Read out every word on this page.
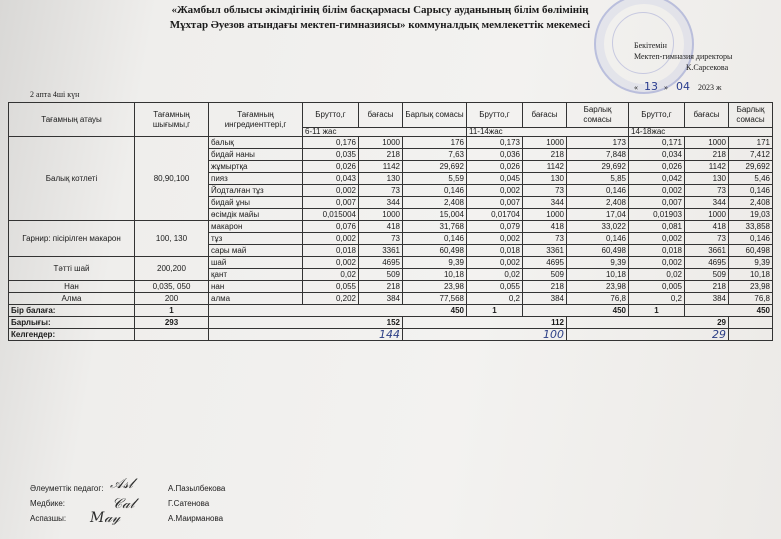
«Жамбыл облысы әкімдігінің білім басқармасы Сарысу ауданының білім бөлімінің
Мұхтар Әуезов атындағы мектеп-гимназиясы» коммуналдық мемлекеттік мекемесі
Бекітемін
Мектеп-гимназия директоры
К.Сарсекова
« 13 » 04 2023 ж
2 апта 4ші күн
Тағамның атауы	Тағамның шығымы,г	Тағамның ингредиенттері,г	Брутто,г	бағасы	Барлық сомасы	Брутто,г	бағасы	Барлық сомасы	Брутто,г	бағасы	Барлық сомасы
			6-11 жас			11-14жас			14-18жас		
Балық котлеті	80,90,100	балық	0,176	1000	176	0,173	1000	173	0,171	1000	171
		бидай наны	0,035	218	7,63	0,036	218	7,848	0,034	218	7,412
		жұмыртқа	0,026	1142	29,692	0,026	1142	29,692	0,026	1142	29,692
		пияз	0,043	130	5,59	0,045	130	5,85	0,042	130	5,46
		Йодталған тұз	0,002	73	0,146	0,002	73	0,146	0,002	73	0,146
		бидай ұны	0,007	344	2,408	0,007	344	2,408	0,007	344	2,408
		өсімдік майы	0,015004	1000	15,004	0,01704	1000	17,04	0,01903	1000	19,03
Гарнир: пісірілген макарон	100, 130	макарон	0,076	418	31,768	0,079	418	33,022	0,081	418	33,858
		тұз	0,002	73	0,146	0,002	73	0,146	0,002	73	0,146
		сары май	0,018	3361	60,498	0,018	3361	60,498	0,018	3661	60,498
Тәтті шай	200,200	шай	0,002	4695	9,39	0,002	4695	9,39	0,002	4695	9,39
		қант	0,02	509	10,18	0,02	509	10,18	0,02	509	10,18
Нан	0,035, 050	нан	0,055	218	23,98	0,055	218	23,98	0,005	218	23,98
Алма	200	алма	0,202	384	77,568	0,2	384	76,8	0,2	384	76,8
Бір балаға:	1	450				1	450		1	450	
Барлығы:	293	152			112			29			
Келгендер:		144			100			29			
Әлеуметтік педагог:	А.Пазылбекова
Медбике:	Г.Сатенова
Аспазшы:	А.Маирманова
𝒜𝓈𝓁
𝒞𝒶𝓁
𝑀𝒶𝓎
